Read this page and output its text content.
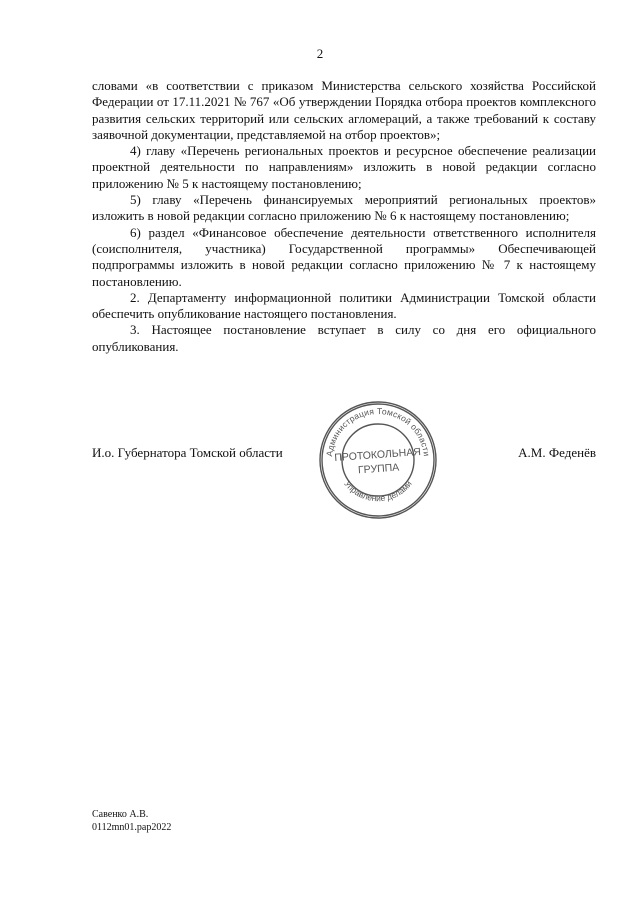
2

словами «в соответствии с приказом Министерства сельского хозяйства Российской Федерации от 17.11.2021 № 767 «Об утверждении Порядка отбора проектов комплексного развития сельских территорий или сельских агломераций, а также требований к составу заявочной документации, представляемой на отбор проектов»;

4) главу «Перечень региональных проектов и ресурсное обеспечение реализации проектной деятельности по направлениям» изложить в новой редакции согласно приложению № 5 к настоящему постановлению;

5) главу «Перечень финансируемых мероприятий региональных проектов» изложить в новой редакции согласно приложению № 6 к настоящему постановлению;

6) раздел «Финансовое обеспечение деятельности ответственного исполнителя (соисполнителя, участника) Государственной программы» Обеспечивающей подпрограммы изложить в новой редакции согласно приложению № 7 к настоящему постановлению.

2. Департаменту информационной политики Администрации Томской области обеспечить опубликование настоящего постановления.

3. Настоящее постановление вступает в силу со дня его официального опубликования.

И.о. Губернатора Томской области	А.М. Феденёв
Администрация Томской области
Управление делами
ПРОТОКОЛЬНАЯ
ГРУППА
Савенко А.В.
0112mn01.pap2022
